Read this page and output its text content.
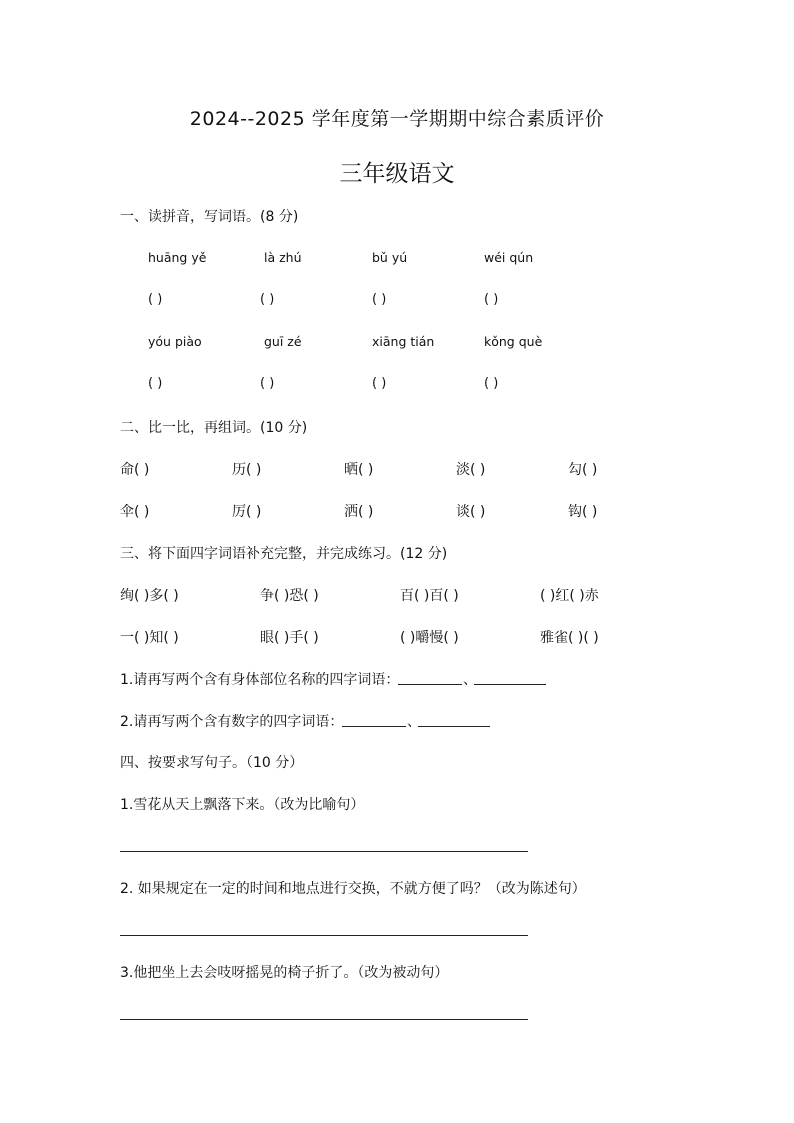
2024--2025 学年度第一学期期中综合素质评价
三年级语文
一、读拼音，写词语。(8 分)
huāng yě	là zhú	bǔ yú	wéi qún
( )	( )	( )	( )
yóu piào	guī zé	xiāng tián	kǒng què
( )	( )	( )	( )
二、比一比，再组词。(10 分)
命( )	历( )	晒( )	淡( )	勾( )
伞( )	厉( )	洒( )	谈( )	钩( )
三、将下面四字词语补充完整，并完成练习。(12 分)
绚( )多( )	争( )恐( )	百( )百( )	( )红( )赤
一( )知( )	眼( )手( )	( )嚼慢( )	雅雀( )( )
1.请再写两个含有身体部位名称的四字词语：	、
2.请再写两个含有数字的四字词语：	、
四、按要求写句子。（10 分）
1.雪花从天上飘落下来。（改为比喻句）
2. 如果规定在一定的时间和地点进行交换，不就方便了吗？（改为陈述句）
3.他把坐上去会吱呀摇晃的椅子折了。（改为被动句）
